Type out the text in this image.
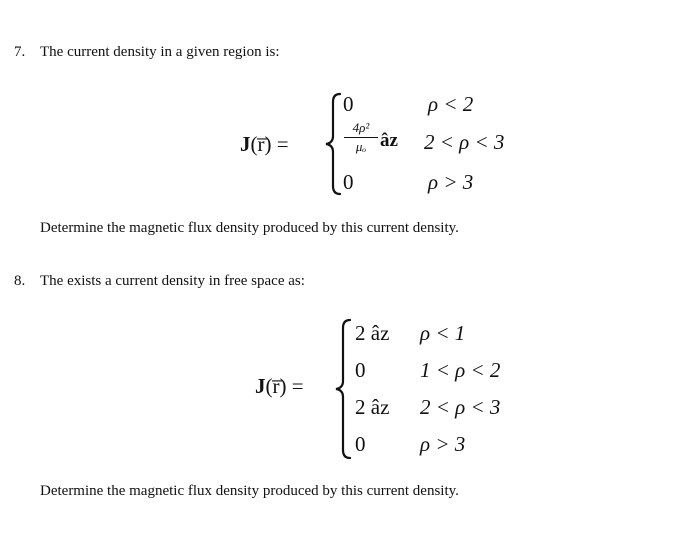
7. The current density in a given region is:
J(r̅) =
0	ρ < 2
4ρ²
μₒ âz 2 < ρ < 3
0	ρ > 3
Determine the magnetic flux density produced by this current density.
8. The exists a current density in free space as:
J(r̅) =
2 âz ρ < 1
0	1 < ρ < 2
2 âz 2 < ρ < 3
0	ρ > 3
Determine the magnetic flux density produced by this current density.
